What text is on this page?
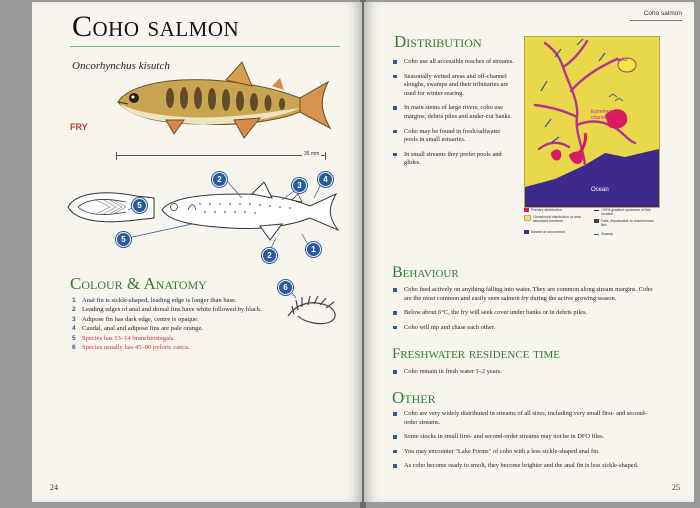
Coho salmon
Oncorhynchus kisutch
FRY
35 mm
2
3
4
5
5
1
2
6
Colour & Anatomy
1 Anal fin is sickle-shaped, leading edge is longer than base.
2 Leading edges of anal and dorsal fins have white followed by black.
3 Adipose fin has dark edge, centre is opaque.
4 Caudal, anal and adipose fins are pale orange.
5 Species has 13–14 branchiostegals.
6 Species usually has 45–80 pyloric caeca.
24
Coho salmon
Distribution
Coho use all accessible reaches of streams.
Seasonally wetted areas and off-channel sloughs, swamps and their tributaries are used for winter rearing.
In main stems of large rivers, coho use margins, debris piles and under-cut banks.
Coho may be found in fresh/saltwater pools in small estuaries.
In small streams they prefer pools and glides.
Lake
Ephemeral channel
Ocean
Primary distribution
Occasional distribution or less abundant numbers
Absent or uncommon
>20% gradient upstream of this location
Falls, impassable to anadromous fish
Swamp
Behaviour
Coho feed actively on anything falling into water. They are common along stream margins. Coho are the most common and easily seen salmon fry during the active growing season.
Below about 6°C, the fry will seek cover under banks or in debris piles.
Coho will nip and chase each other.
Freshwater residence time
Coho remain in fresh water 1–2 years.
Other
Coho are very widely distributed in streams of all sizes, including very small first- and second-order streams.
Some stocks in small first- and second-order streams may not be in DFO files.
You may encounter "Lake Forms" of coho with a less sickle-shaped anal fin.
As coho become ready to smolt, they become brighter and the anal fin is less sickle-shaped.
25
